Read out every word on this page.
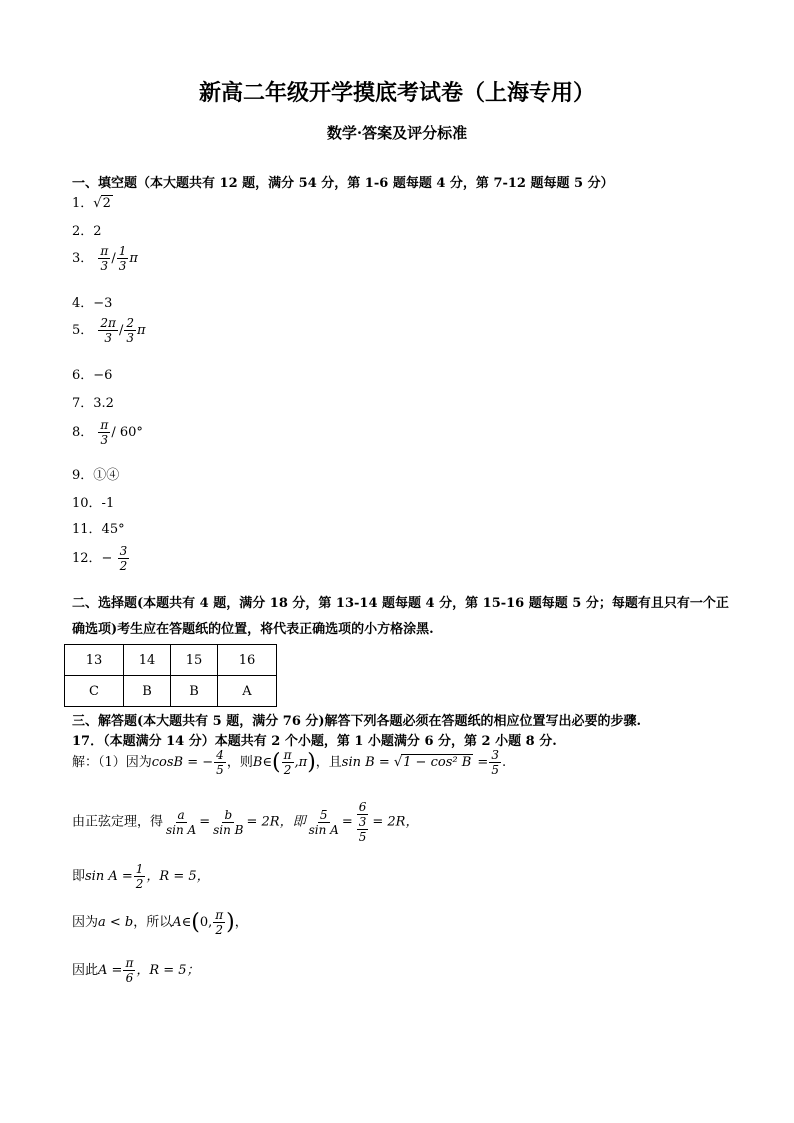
新高二年级开学摸底考试卷（上海专用）
数学·答案及评分标准
一、填空题（本大题共有 12 题，满分 54 分，第 1-6 题每题 4 分，第 7-12 题每题 5 分）
1．√2
2．2
3． $\frac{\pi}{3} / \frac{1}{3}$ π
4．−3
5． $\frac{2\pi}{3} / \frac{2}{3}$ π
6．−6
7．3.2
8． $\frac{\pi}{3} / 60^\circ$
9．①④
10．-1
11．45°
12．− $\frac{3}{2}$
二、选择题(本题共有 4 题，满分 18 分，第 13-14 题每题 4 分，第 15-16 题每题 5 分；每题有且只有一个正
确选项)考生应在答题纸的位置，将代表正确选项的小方格涂黑.
13	14	15	16
C	B	B	A
三、解答题(本大题共有 5 题，满分 76 分)解答下列各题必须在答题纸的相应位置写出必要的步骤.
17．（本题满分 14 分）本题共有 2 个小题，第 1 小题满分 6 分，第 2 小题 8 分.
解：（1）因为cosB = − $\frac{4}{5}$ ，则B∈( $\frac{\pi}{2} ,\pi$)，且sin B = √1 − cos² $B = \frac{3}{5}$ .
由正弦定理，得 $\frac{a}{\text{sin A}} = \frac{b}{\text{sin B}} = 2R$，即 $\frac{5}{\text{sin A}} = \frac{6}{\frac{3}{5}} = 2R$，
即$\sin A = \frac{1}{2}$ ，R = 5，
因为a < b，所以A∈(0, $\frac{\pi}{2}$ )，
因此$A = \frac{\pi}{6}$ ，R = 5；
